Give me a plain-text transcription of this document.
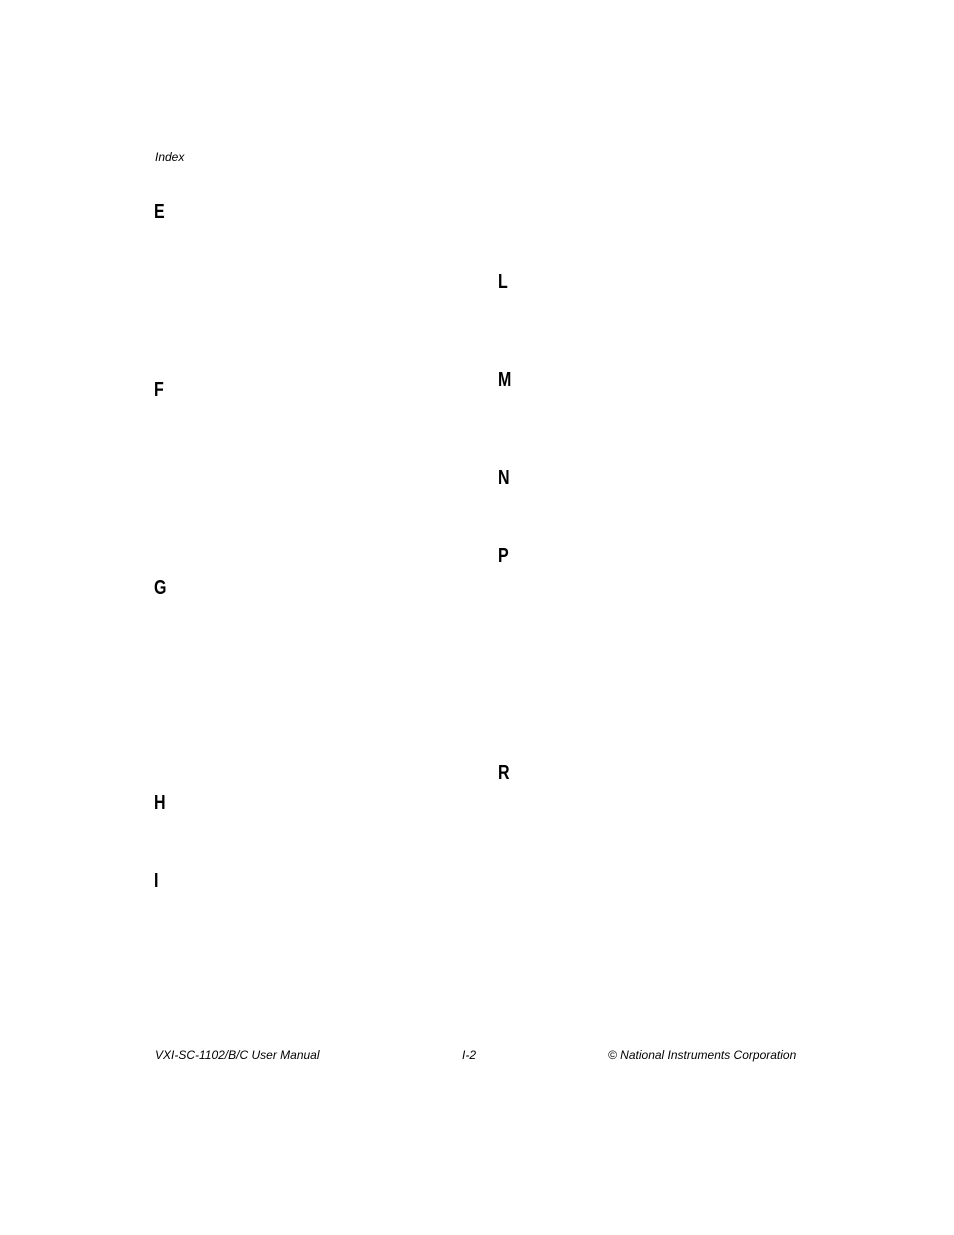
Index
E
F
G
H
I
L
M
N
P
R
VXI-SC-1102/B/C User Manual	I-2	© National Instruments Corporation
